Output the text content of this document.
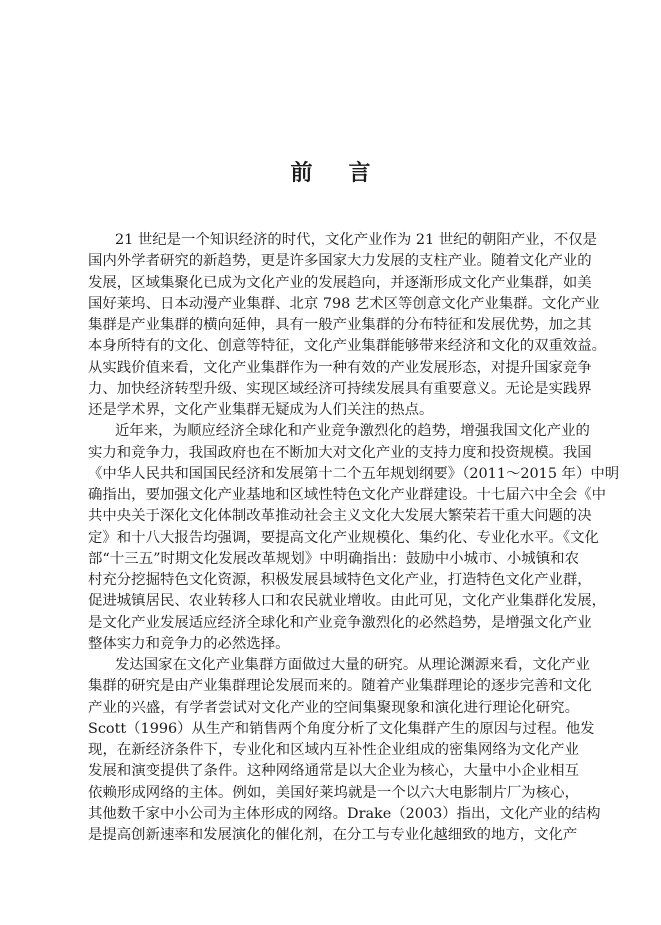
前 言
21 世纪是一个知识经济的时代，文化产业作为 21 世纪的朝阳产业，不仅是
国内外学者研究的新趋势，更是许多国家大力发展的支柱产业。随着文化产业的
发展，区域集聚化已成为文化产业的发展趋向，并逐渐形成文化产业集群，如美
国好莱坞、日本动漫产业集群、北京 798 艺术区等创意文化产业集群。文化产业
集群是产业集群的横向延伸，具有一般产业集群的分布特征和发展优势，加之其
本身所特有的文化、创意等特征，文化产业集群能够带来经济和文化的双重效益。
从实践价值来看，文化产业集群作为一种有效的产业发展形态，对提升国家竞争
力、加快经济转型升级、实现区域经济可持续发展具有重要意义。无论是实践界
还是学术界，文化产业集群无疑成为人们关注的热点。
近年来，为顺应经济全球化和产业竞争激烈化的趋势，增强我国文化产业的
实力和竞争力，我国政府也在不断加大对文化产业的支持力度和投资规模。我国
《中华人民共和国国民经济和发展第十二个五年规划纲要》（2011～2015 年）中明
确指出，要加强文化产业基地和区域性特色文化产业群建设。十七届六中全会《中
共中央关于深化文化体制改革推动社会主义文化大发展大繁荣若干重大问题的决
定》和十八大报告均强调，要提高文化产业规模化、集约化、专业化水平。《文化
部“十三五”时期文化发展改革规划》中明确指出：鼓励中小城市、小城镇和农
村充分挖掘特色文化资源，积极发展县域特色文化产业，打造特色文化产业群，
促进城镇居民、农业转移人口和农民就业增收。由此可见，文化产业集群化发展，
是文化产业发展适应经济全球化和产业竞争激烈化的必然趋势，是增强文化产业
整体实力和竞争力的必然选择。
发达国家在文化产业集群方面做过大量的研究。从理论渊源来看，文化产业
集群的研究是由产业集群理论发展而来的。随着产业集群理论的逐步完善和文化
产业的兴盛，有学者尝试对文化产业的空间集聚现象和演化进行理论化研究。
Scott（1996）从生产和销售两个角度分析了文化集群产生的原因与过程。他发
现，在新经济条件下，专业化和区域内互补性企业组成的密集网络为文化产业
发展和演变提供了条件。这种网络通常是以大企业为核心，大量中小企业相互
依赖形成网络的主体。例如，美国好莱坞就是一个以六大电影制片厂为核心，
其他数千家中小公司为主体形成的网络。Drake（2003）指出，文化产业的结构
是提高创新速率和发展演化的催化剂，在分工与专业化越细致的地方，文化产
